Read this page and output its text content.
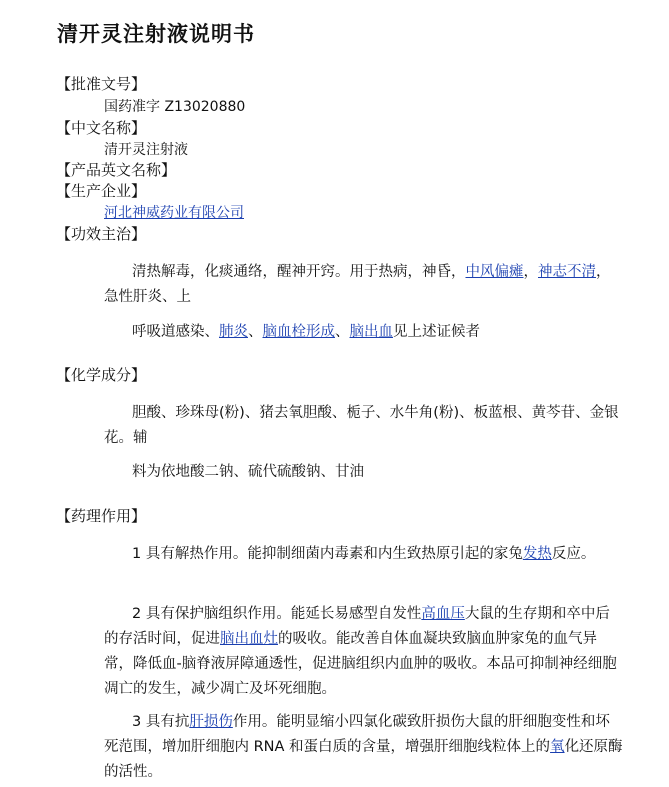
清开灵注射液说明书
【批准文号】
国药准字 Z13020880
【中文名称】
清开灵注射液
【产品英文名称】
【生产企业】
河北神威药业有限公司
【功效主治】
清热解毒，化痰通络，醒神开窍。用于热病，神昏，中风偏瘫，神志不清，急性肝炎、上
呼吸道感染、肺炎、脑血栓形成、脑出血见上述证候者
【化学成分】
胆酸、珍珠母(粉)、猪去氧胆酸、栀子、水牛角(粉)、板蓝根、黄芩苷、金银花。辅
料为依地酸二钠、硫代硫酸钠、甘油
【药理作用】
1 具有解热作用。能抑制细菌内毒素和内生致热原引起的家兔发热反应。
2 具有保护脑组织作用。能延长易感型自发性高血压大鼠的生存期和卒中后的存活时间，促进脑出血灶的吸收。能改善自体血凝块致脑血肿家兔的血气异常，降低血-脑脊液屏障通透性，促进脑组织内血肿的吸收。本品可抑制神经细胞凋亡的发生，减少凋亡及坏死细胞。
3 具有抗肝损伤作用。能明显缩小四氯化碳致肝损伤大鼠的肝细胞变性和坏死范围，增加肝细胞内 RNA 和蛋白质的含量，增强肝细胞线粒体上的氧化还原酶的活性。
